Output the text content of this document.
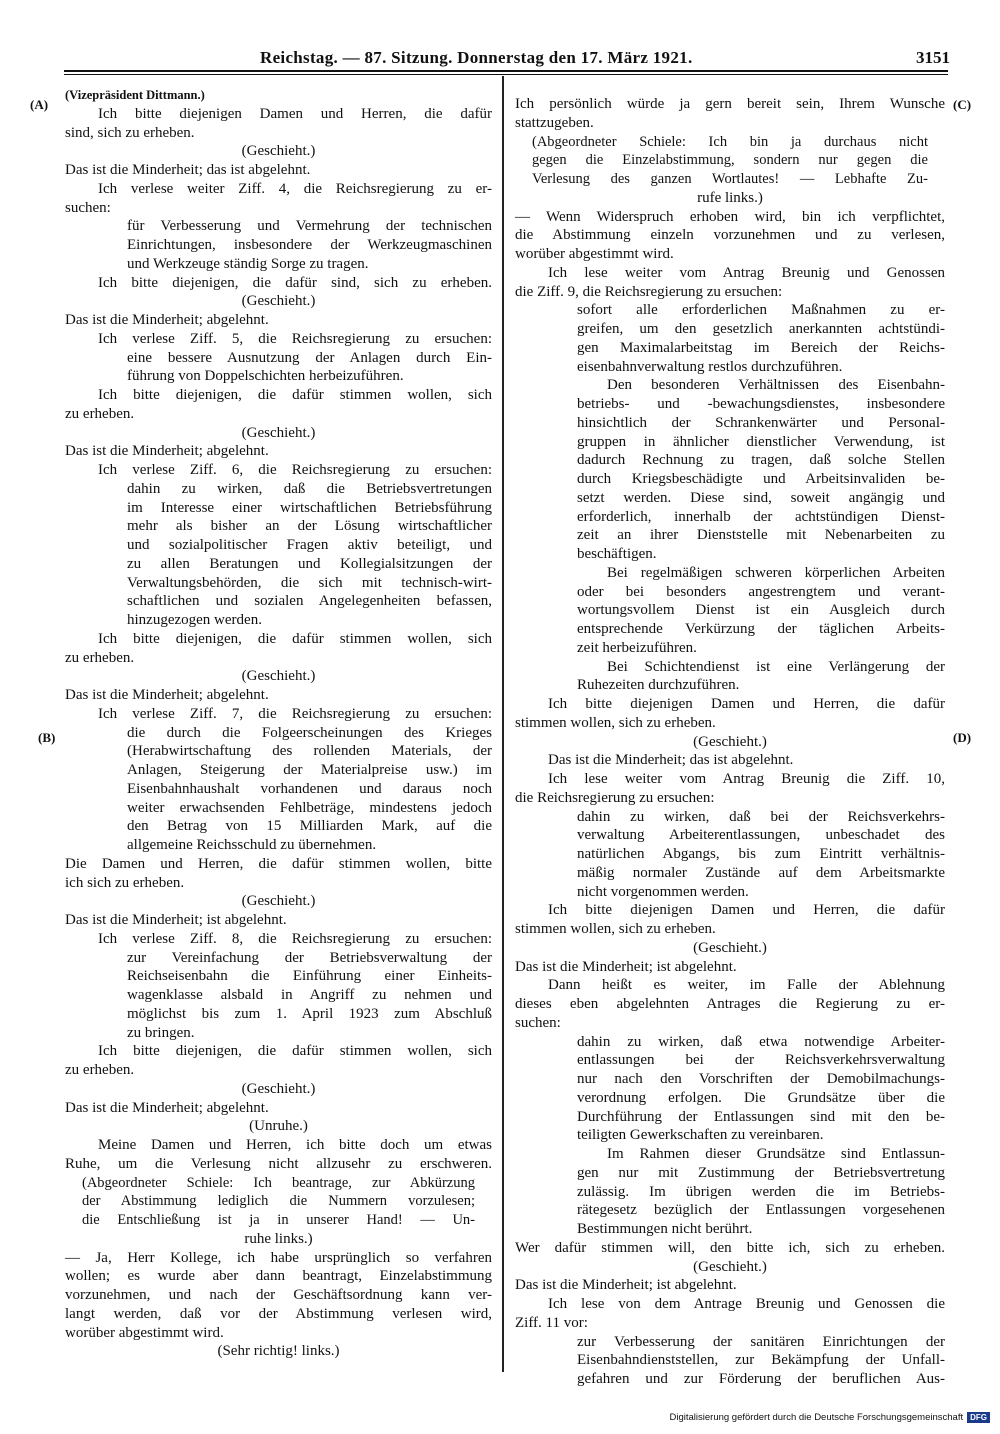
Reichstag. — 87. Sitzung. Donnerstag den 17. März 1921.	3151
(A)
(B)
(C)
(D)
(Vizepräsident Dittmann.)
Ich bitte diejenigen Damen und Herren, die dafür
sind, sich zu erheben.
(Geschieht.)
Das ist die Minderheit; das ist abgelehnt.
Ich verlese weiter Ziff. 4, die Reichsregierung zu er-
suchen:
für Verbesserung und Vermehrung der technischen
Einrichtungen, insbesondere der Werkzeugmaschinen
und Werkzeuge ständig Sorge zu tragen.
Ich bitte diejenigen, die dafür sind, sich zu erheben.
(Geschieht.)
Das ist die Minderheit; abgelehnt.
Ich verlese Ziff. 5, die Reichsregierung zu ersuchen:
eine bessere Ausnutzung der Anlagen durch Ein-
führung von Doppelschichten herbeizuführen.
Ich bitte diejenigen, die dafür stimmen wollen, sich
zu erheben.
(Geschieht.)
Das ist die Minderheit; abgelehnt.
Ich verlese Ziff. 6, die Reichsregierung zu ersuchen:
dahin zu wirken, daß die Betriebsvertretungen
im Interesse einer wirtschaftlichen Betriebsführung
mehr als bisher an der Lösung wirtschaftlicher
und sozialpolitischer Fragen aktiv beteiligt, und
zu allen Beratungen und Kollegialsitzungen der
Verwaltungsbehörden, die sich mit technisch-wirt-
schaftlichen und sozialen Angelegenheiten befassen,
hinzugezogen werden.
Ich bitte diejenigen, die dafür stimmen wollen, sich
zu erheben.
(Geschieht.)
Das ist die Minderheit; abgelehnt.
Ich verlese Ziff. 7, die Reichsregierung zu ersuchen:
die durch die Folgeerscheinungen des Krieges
(Herabwirtschaftung des rollenden Materials, der
Anlagen, Steigerung der Materialpreise usw.) im
Eisenbahnhaushalt vorhandenen und daraus noch
weiter erwachsenden Fehlbeträge, mindestens jedoch
den Betrag von 15 Milliarden Mark, auf die
allgemeine Reichsschuld zu übernehmen.
Die Damen und Herren, die dafür stimmen wollen, bitte
ich sich zu erheben.
(Geschieht.)
Das ist die Minderheit; ist abgelehnt.
Ich verlese Ziff. 8, die Reichsregierung zu ersuchen:
zur Vereinfachung der Betriebsverwaltung der
Reichseisenbahn die Einführung einer Einheits-
wagenklasse alsbald in Angriff zu nehmen und
möglichst bis zum 1. April 1923 zum Abschluß
zu bringen.
Ich bitte diejenigen, die dafür stimmen wollen, sich
zu erheben.
(Geschieht.)
Das ist die Minderheit; abgelehnt.
(Unruhe.)
Meine Damen und Herren, ich bitte doch um etwas
Ruhe, um die Verlesung nicht allzusehr zu erschweren.
(Abgeordneter Schiele: Ich beantrage, zur Abkürzung
der Abstimmung lediglich die Nummern vorzulesen;
die Entschließung ist ja in unserer Hand! — Un-
ruhe links.)
— Ja, Herr Kollege, ich habe ursprünglich so verfahren
wollen; es wurde aber dann beantragt, Einzelabstimmung
vorzunehmen, und nach der Geschäftsordnung kann ver-
langt werden, daß vor der Abstimmung verlesen wird,
worüber abgestimmt wird.
(Sehr richtig! links.)
Ich persönlich würde ja gern bereit sein, Ihrem Wunsche
stattzugeben.
(Abgeordneter Schiele: Ich bin ja durchaus nicht
gegen die Einzelabstimmung, sondern nur gegen die
Verlesung des ganzen Wortlautes! — Lebhafte Zu-
rufe links.)
— Wenn Widerspruch erhoben wird, bin ich verpflichtet,
die Abstimmung einzeln vorzunehmen und zu verlesen,
worüber abgestimmt wird.
Ich lese weiter vom Antrag Breunig und Genossen
die Ziff. 9, die Reichsregierung zu ersuchen:
sofort alle erforderlichen Maßnahmen zu er-
greifen, um den gesetzlich anerkannten achtstündi-
gen Maximalarbeitstag im Bereich der Reichs-
eisenbahnverwaltung restlos durchzuführen.
Den besonderen Verhältnissen des Eisenbahn-
betriebs- und -bewachungsdienstes, insbesondere
hinsichtlich der Schrankenwärter und Personal-
gruppen in ähnlicher dienstlicher Verwendung, ist
dadurch Rechnung zu tragen, daß solche Stellen
durch Kriegsbeschädigte und Arbeitsinvaliden be-
setzt werden. Diese sind, soweit angängig und
erforderlich, innerhalb der achtstündigen Dienst-
zeit an ihrer Dienststelle mit Nebenarbeiten zu
beschäftigen.
Bei regelmäßigen schweren körperlichen Arbeiten
oder bei besonders angestrengtem und verant-
wortungsvollem Dienst ist ein Ausgleich durch
entsprechende Verkürzung der täglichen Arbeits-
zeit herbeizuführen.
Bei Schichtendienst ist eine Verlängerung der
Ruhezeiten durchzuführen.
Ich bitte diejenigen Damen und Herren, die dafür
stimmen wollen, sich zu erheben.
(Geschieht.)
Das ist die Minderheit; das ist abgelehnt.
Ich lese weiter vom Antrag Breunig die Ziff. 10,
die Reichsregierung zu ersuchen:
dahin zu wirken, daß bei der Reichsverkehrs-
verwaltung Arbeiterentlassungen, unbeschadet des
natürlichen Abgangs, bis zum Eintritt verhältnis-
mäßig normaler Zustände auf dem Arbeitsmarkte
nicht vorgenommen werden.
Ich bitte diejenigen Damen und Herren, die dafür
stimmen wollen, sich zu erheben.
(Geschieht.)
Das ist die Minderheit; ist abgelehnt.
Dann heißt es weiter, im Falle der Ablehnung
dieses eben abgelehnten Antrages die Regierung zu er-
suchen:
dahin zu wirken, daß etwa notwendige Arbeiter-
entlassungen bei der Reichsverkehrsverwaltung
nur nach den Vorschriften der Demobilmachungs-
verordnung erfolgen. Die Grundsätze über die
Durchführung der Entlassungen sind mit den be-
teiligten Gewerkschaften zu vereinbaren.
Im Rahmen dieser Grundsätze sind Entlassun-
gen nur mit Zustimmung der Betriebsvertretung
zulässig. Im übrigen werden die im Betriebs-
rätegesetz bezüglich der Entlassungen vorgesehenen
Bestimmungen nicht berührt.
Wer dafür stimmen will, den bitte ich, sich zu erheben.
(Geschieht.)
Das ist die Minderheit; ist abgelehnt.
Ich lese von dem Antrage Breunig und Genossen die
Ziff. 11 vor:
zur Verbesserung der sanitären Einrichtungen der
Eisenbahndienststellen, zur Bekämpfung der Unfall-
gefahren und zur Förderung der beruflichen Aus-
Digitalisierung gefördert durch die Deutsche Forschungsgemeinschaft DFG
